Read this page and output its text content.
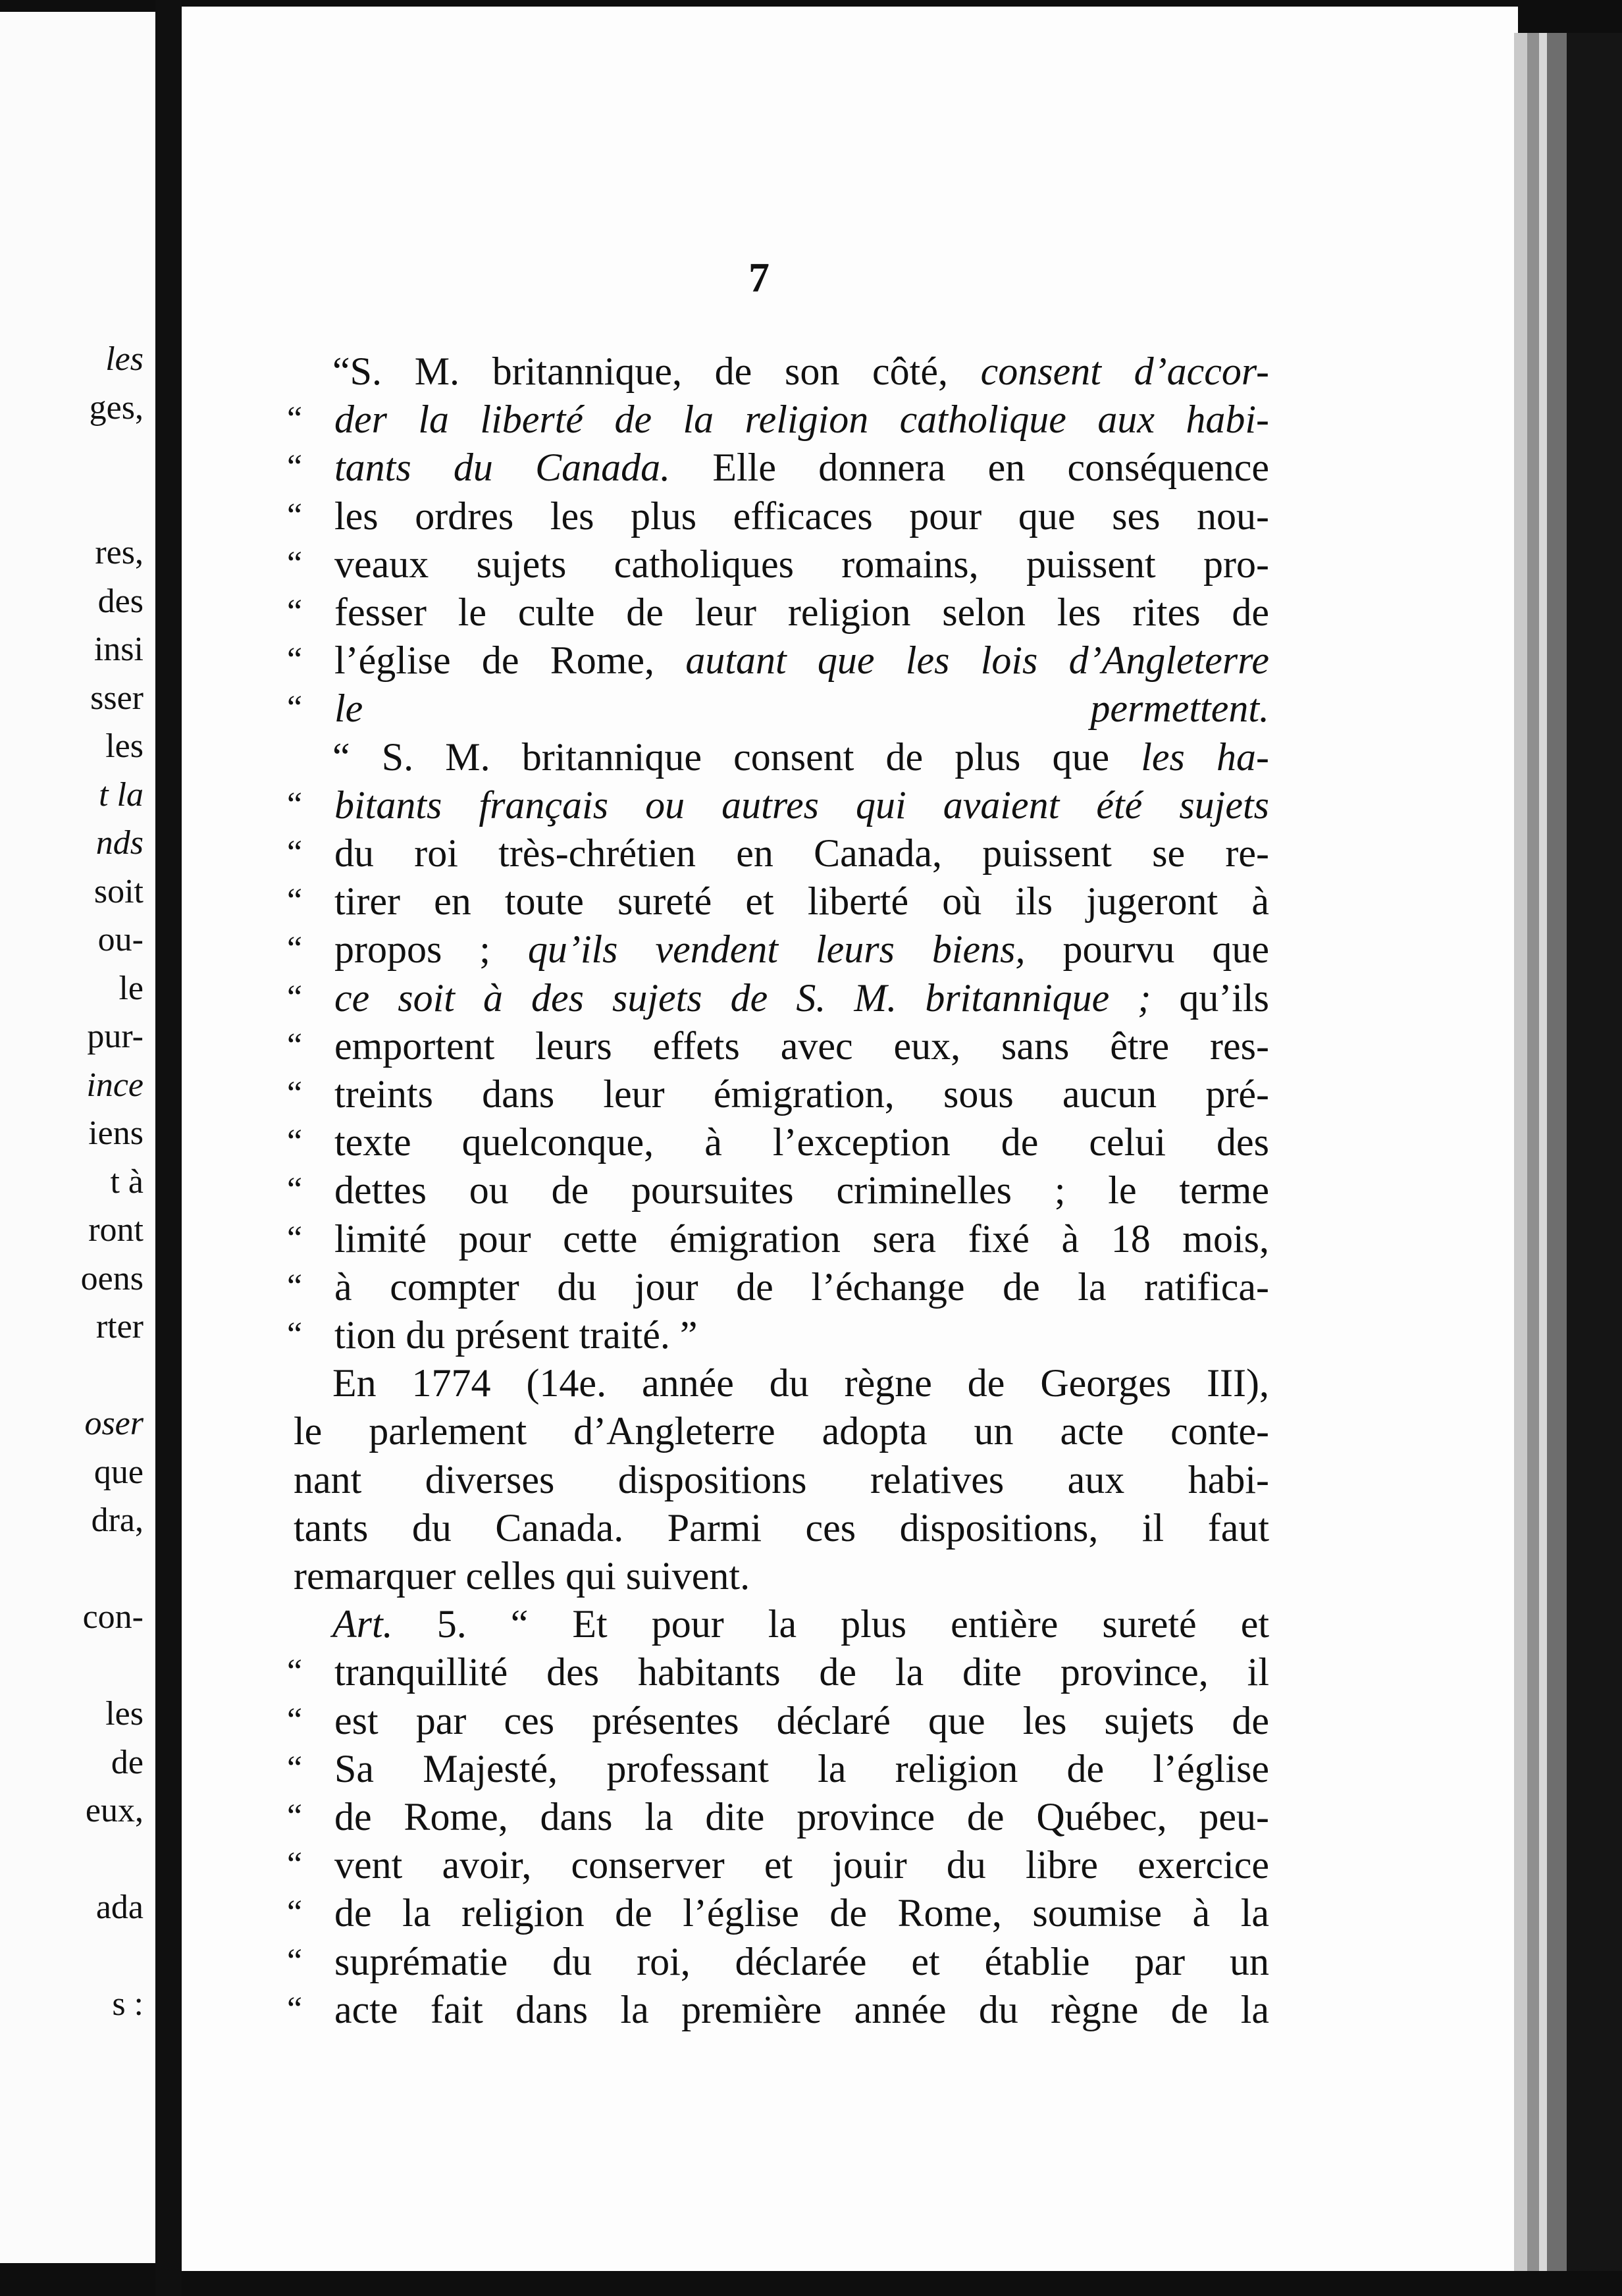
les

ges,

res,

des

insi

sser

les

t la

nds

soit

ou-

le

pur-

ince

iens

t à

ront

oens

rter

oser

que

dra,

con-

les

de

eux,

ada

s :

7

“S. M. britannique, de son côté, consent d’accor-

“ der la liberté de la religion catholique aux habi-

“ tants du Canada. Elle donnera en conséquence

“ les ordres les plus efficaces pour que ses nou-

“ veaux sujets catholiques romains, puissent pro-

“ fesser le culte de leur religion selon les rites de

“ l’église de Rome, autant que les lois d’Angleterre

“ le permettent.

“ S. M. britannique consent de plus que les ha-

“ bitants français ou autres qui avaient été sujets

“ du roi très-chrétien en Canada, puissent se re-

“ tirer en toute sureté et liberté où ils jugeront à

“ propos ; qu’ils vendent leurs biens, pourvu que

“ ce soit à des sujets de S. M. britannique ; qu’ils

“ emportent leurs effets avec eux, sans être res-

“ treints dans leur émigration, sous aucun pré-

“ texte quelconque, à l’exception de celui des

“ dettes ou de poursuites criminelles ; le terme

“ limité pour cette émigration sera fixé à 18 mois,

“ à compter du jour de l’échange de la ratifica-

“ tion du présent traité. ”

En 1774 (14e. année du règne de Georges III),

le parlement d’Angleterre adopta un acte conte-

nant diverses dispositions relatives aux habi-

tants du Canada. Parmi ces dispositions, il faut

remarquer celles qui suivent.

Art. 5. “ Et pour la plus entière sureté et

“ tranquillité des habitants de la dite province, il

“ est par ces présentes déclaré que les sujets de

“ Sa Majesté, professant la religion de l’église

“ de Rome, dans la dite province de Québec, peu-

“ vent avoir, conserver et jouir du libre exercice

“ de la religion de l’église de Rome, soumise à la

“ suprématie du roi, déclarée et établie par un

“ acte fait dans la première année du règne de la
